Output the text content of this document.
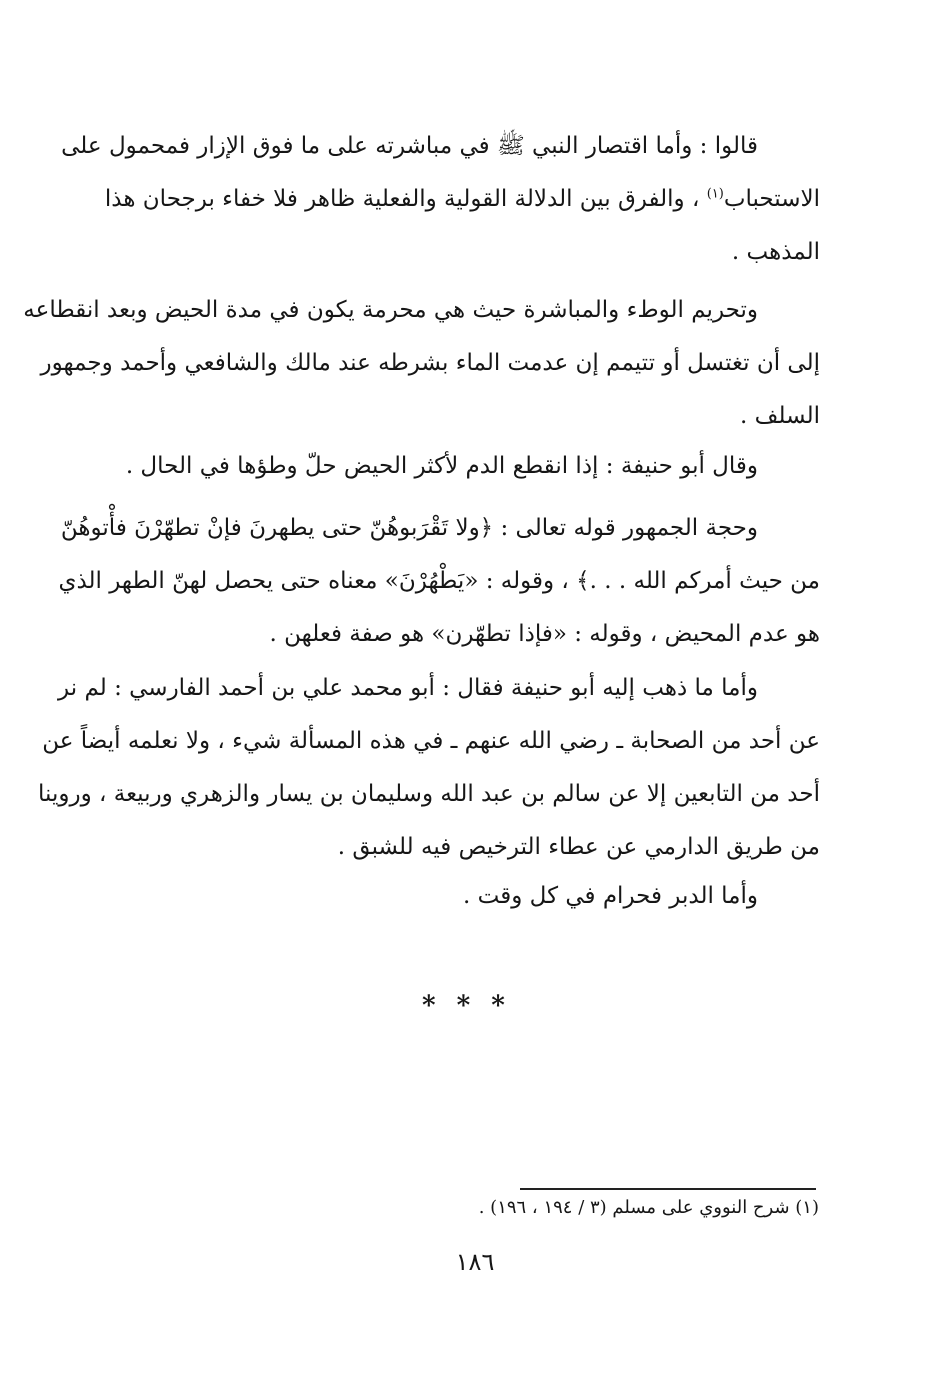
قالوا : وأما اقتصار النبي ﷺ في مباشرته على ما فوق الإزار فمحمول على
الاستحباب$^{(١)}$ ، والفرق بين الدلالة القولية والفعلية ظاهر فلا خفاء برجحان هذا
المذهب .

وتحريم الوطء والمباشرة حيث هي محرمة يكون في مدة الحيض وبعد انقطاعه
إلى أن تغتسل أو تتيمم إن عدمت الماء بشرطه عند مالك والشافعي وأحمد وجمهور
السلف .

وقال أبو حنيفة : إذا انقطع الدم لأكثر الحيض حلّ وطؤها في الحال .

وحجة الجمهور قوله تعالى : ﴿ولا تَقْرَبوهُنّ حتى يطهرنَ فإنْ تطهّرْنَ فأْتوهُنّ
من حيث أمركم الله . . .﴾ ، وقوله : «يَطْهُرْنَ» معناه حتى يحصل لهنّ الطهر الذي
هو عدم المحيض ، وقوله : «فإذا تطهّرن» هو صفة فعلهن .

وأما ما ذهب إليه أبو حنيفة فقال : أبو محمد علي بن أحمد الفارسي : لم نر
عن أحد من الصحابة ـ رضي الله عنهم ـ في هذه المسألة شيء ، ولا نعلمه أيضاً عن
أحد من التابعين إلا عن سالم بن عبد الله وسليمان بن يسار والزهري وربيعة ، وروينا
من طريق الدارمي عن عطاء الترخيص فيه للشبق .

وأما الدبر فحرام في كل وقت .

* * *
(١) شرح النووي على مسلم (٣ / ١٩٤ ، ١٩٦) .
١٨٦
